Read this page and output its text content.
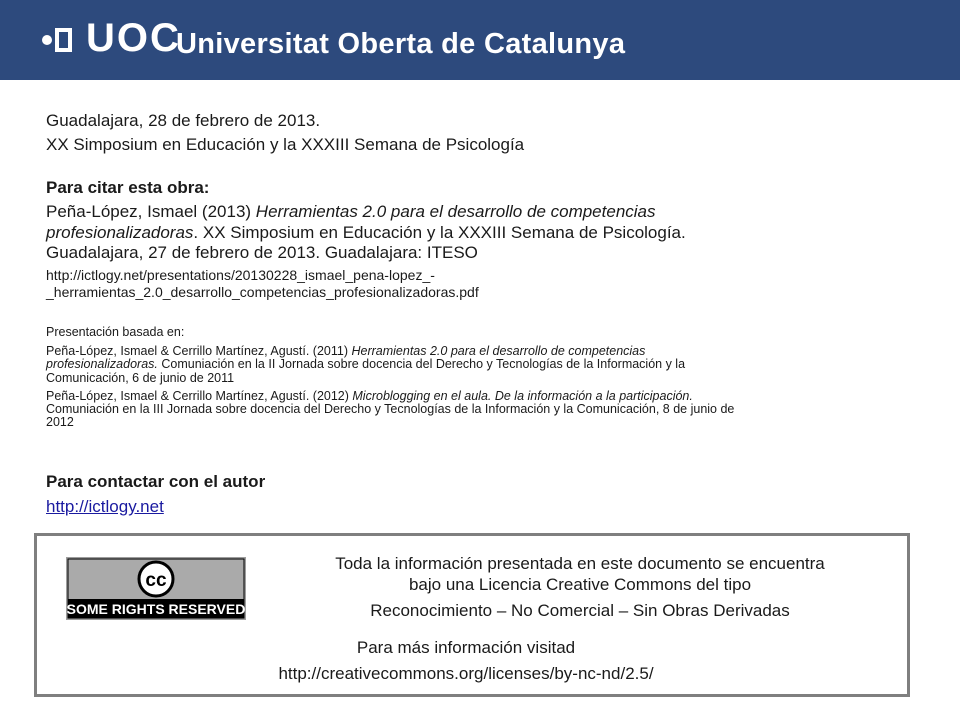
UOC
Universitat Oberta de Catalunya
Guadalajara, 28 de febrero de 2013.
XX Simposium en Educación y la XXXIII Semana de Psicología
Para citar esta obra:
Peña-López, Ismael (2013) Herramientas 2.0 para el desarrollo de competencias
profesionalizadoras. XX Simposium en Educación y la XXXIII Semana de Psicología.
Guadalajara, 27 de febrero de 2013. Guadalajara: ITESO
http://ictlogy.net/presentations/20130228_ismael_pena-lopez_-
_herramientas_2.0_desarrollo_competencias_profesionalizadoras.pdf
Presentación basada en:
Peña-López, Ismael & Cerrillo Martínez, Agustí. (2011) Herramientas 2.0 para el desarrollo de competencias
profesionalizadoras. Comuniación en la II Jornada sobre docencia del Derecho y Tecnologías de la Información y la
Comunicación, 6 de junio de 2011
Peña-López, Ismael & Cerrillo Martínez, Agustí. (2012) Microblogging en el aula. De la información a la participación.
Comuniación en la III Jornada sobre docencia del Derecho y Tecnologías de la Información y la Comunicación, 8 de junio de
2012
Para contactar con el autor
http://ictlogy.net
cc
SOME RIGHTS RESERVED
Toda la información presentada en este documento se encuentra
bajo una Licencia Creative Commons del tipo
Reconocimiento – No Comercial – Sin Obras Derivadas
Para más información visitad
http://creativecommons.org/licenses/by-nc-nd/2.5/
